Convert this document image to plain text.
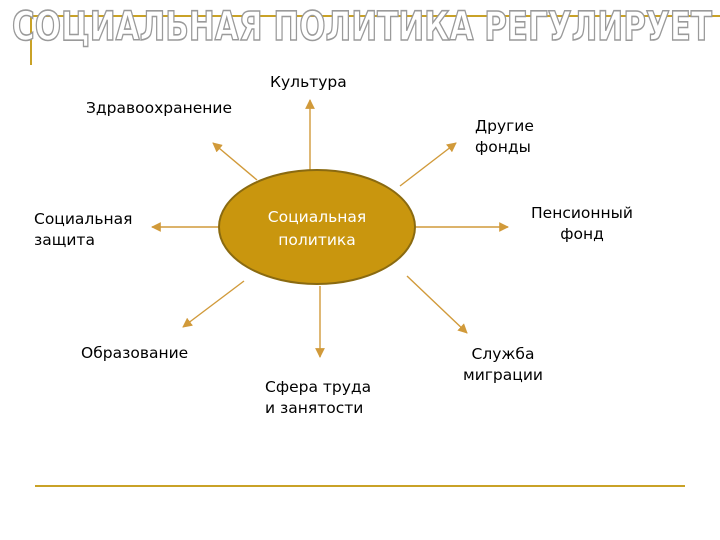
СОЦИАЛЬНАЯ ПОЛИТИКА РЕГУЛИРУЕТ
Социальная
политика
Культура
Здравоохранение
Другие
фонды
Социальная
защита
Пенсионный
фонд
Образование
Сфера труда
и занятости
Служба
миграции
